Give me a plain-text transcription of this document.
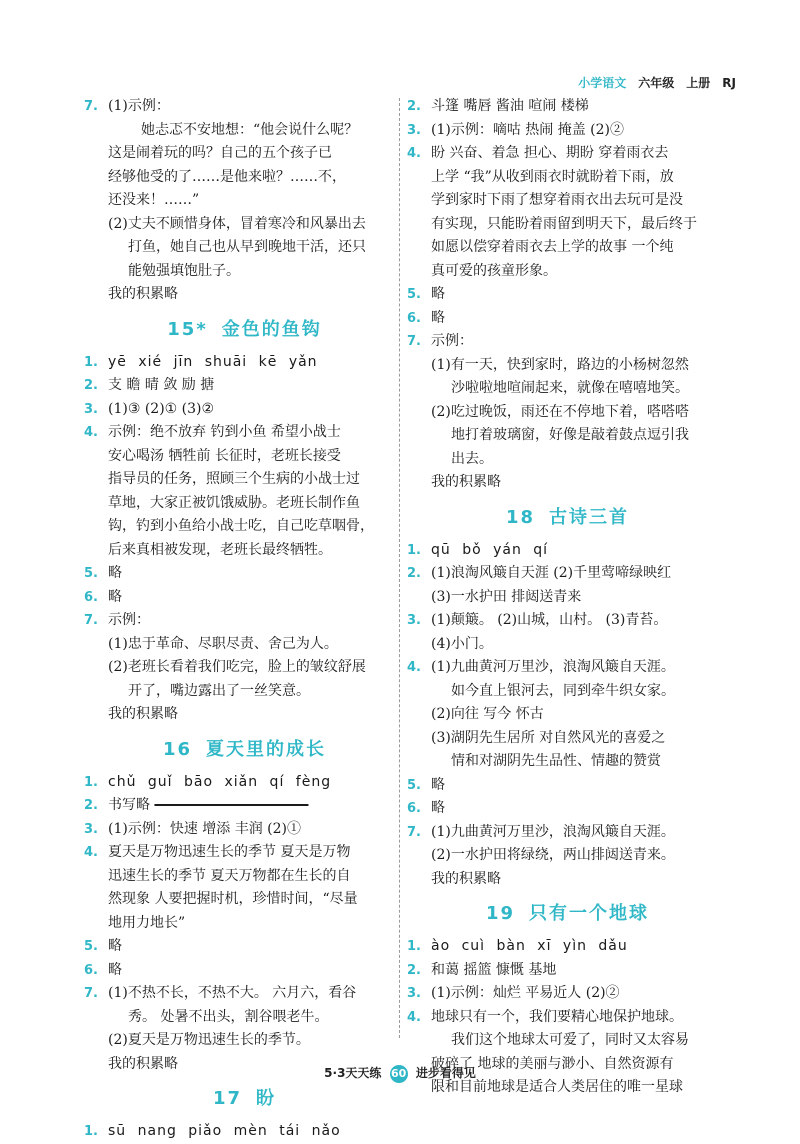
小学语文 六年级 上册 RJ
7. (1)示例：
她忐忑不安地想：“他会说什么呢？
这是闹着玩的吗？自己的五个孩子已
经够他受的了……是他来啦？……不，
还没来！……”
(2)丈夫不顾惜身体，冒着寒冷和风暴出去
打鱼，她自己也从早到晚地干活，还只
能勉强填饱肚子。
我的积累略
15* 金色的鱼钩
1. yē xié jīn shuāi kē yǎn
2. 支 瞻 晴 敛 励 搪
3. (1)③ (2)① (3)②
4. 示例：绝不放弃 钓到小鱼 希望小战士
安心喝汤 牺牲前 长征时，老班长接受
指导员的任务，照顾三个生病的小战士过
草地，大家正被饥饿威胁。老班长制作鱼
钩，钓到小鱼给小战士吃，自己吃草咽骨，
后来真相被发现，老班长最终牺牲。
5. 略
6. 略
7. 示例：
(1)忠于革命、尽职尽责、舍己为人。
(2)老班长看着我们吃完，脸上的皱纹舒展
开了，嘴边露出了一丝笑意。
我的积累略
16 夏天里的成长
1. chǔ guǐ bāo xiǎn qí fèng
2. 书写略            
3. (1)示例：快速 增添 丰润 (2)①
4. 夏天是万物迅速生长的季节 夏天是万物
迅速生长的季节 夏天万物都在生长的自
然现象 人要把握时机，珍惜时间，“尽量
地用力地长”
5. 略
6. 略
7. (1)不热不长，不热不大。 六月六，看谷
秀。 处暑不出头，割谷喂老牛。
(2)夏天是万物迅速生长的季节。
我的积累略
17 盼
1. sū nang piǎo mèn tái nǎo
2. 斗篷 嘴唇 酱油 喧闹 楼梯
3. (1)示例：嘀咕 热闹 掩盖 (2)②
4. 盼 兴奋、着急 担心、期盼 穿着雨衣去
上学 “我”从收到雨衣时就盼着下雨，放
学到家时下雨了想穿着雨衣出去玩可是没
有实现，只能盼着雨留到明天下，最后终于
如愿以偿穿着雨衣去上学的故事 一个纯
真可爱的孩童形象。
5. 略
6. 略
7. 示例：
(1)有一天，快到家时，路边的小杨树忽然
沙啦啦地喧闹起来，就像在嘻嘻地笑。
(2)吃过晚饭，雨还在不停地下着，嗒嗒嗒
地打着玻璃窗，好像是敲着鼓点逗引我
出去。
我的积累略
18 古诗三首
1. qū bǒ yán qí
2. (1)浪淘风簸自天涯 (2)千里莺啼绿映红
(3)一水护田 排闼送青来
3. (1)颠簸。 (2)山城，山村。 (3)青苔。
(4)小门。
4. (1)九曲黄河万里沙，浪淘风簸自天涯。
如今直上银河去，同到牵牛织女家。
(2)向往 写今 怀古
(3)湖阴先生居所 对自然风光的喜爱之
情和对湖阴先生品性、情趣的赞赏
5. 略
6. 略
7. (1)九曲黄河万里沙，浪淘风簸自天涯。
(2)一水护田将绿绕，两山排闼送青来。
我的积累略
19 只有一个地球
1. ào cuì bàn xī yìn dǎu
2. 和蔼 摇篮 慷慨 基地
3. (1)示例：灿烂 平易近人 (2)②
4. 地球只有一个，我们要精心地保护地球。
我们这个地球太可爱了，同时又太容易
破碎了 地球的美丽与渺小、自然资源有
限和目前地球是适合人类居住的唯一星球
5·3天天练 60 进步看得见
